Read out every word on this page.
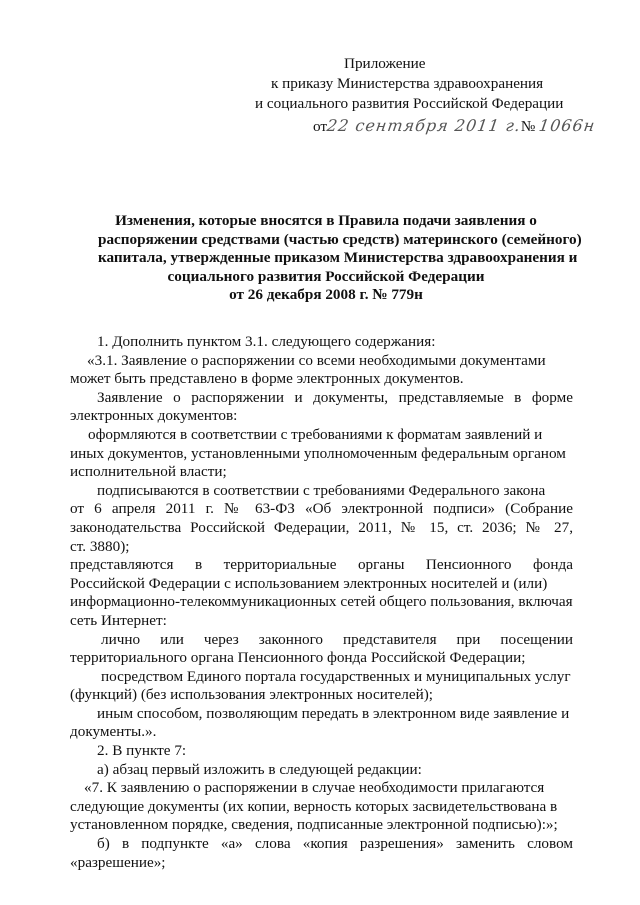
Приложение
к приказу Министерства здравоохранения
и социального развития Российской Федерации
от22 сентября 2011 г.№ 1066н
Изменения, которые вносятся в Правила подачи заявления о
распоряжении средствами (частью средств) материнского (семейного)
капитала, утвержденные приказом Министерства здравоохранения и
социального развития Российской Федерации
от 26 декабря 2008 г. № 779н
1. Дополнить пунктом 3.1. следующего содержания:
«3.1. Заявление о распоряжении со всеми необходимыми документами
может быть представлено в форме электронных документов.
Заявление о распоряжении и документы, представляемые в форме
электронных документов:
оформляются в соответствии с требованиями к форматам заявлений и
иных документов, установленными уполномоченным федеральным органом
исполнительной власти;
подписываются в соответствии с требованиями Федерального закона
от 6 апреля 2011 г. № 63-ФЗ «Об электронной подписи» (Собрание
законодательства Российской Федерации, 2011, № 15, ст. 2036; № 27,
ст. 3880);
представляются в территориальные органы Пенсионного фонда
Российской Федерации с использованием электронных носителей и (или)
информационно-телекоммуникационных сетей общего пользования, включая
сеть Интернет:
лично или через законного представителя при посещении
территориального органа Пенсионного фонда Российской Федерации;
посредством Единого портала государственных и муниципальных услуг
(функций) (без использования электронных носителей);
иным способом, позволяющим передать в электронном виде заявление и
документы.».
2. В пункте 7:
а) абзац первый изложить в следующей редакции:
«7. К заявлению о распоряжении в случае необходимости прилагаются
следующие документы (их копии, верность которых засвидетельствована в
установленном порядке, сведения, подписанные электронной подписью):»;
б) в подпункте «а» слова «копия разрешения» заменить словом
«разрешение»;
